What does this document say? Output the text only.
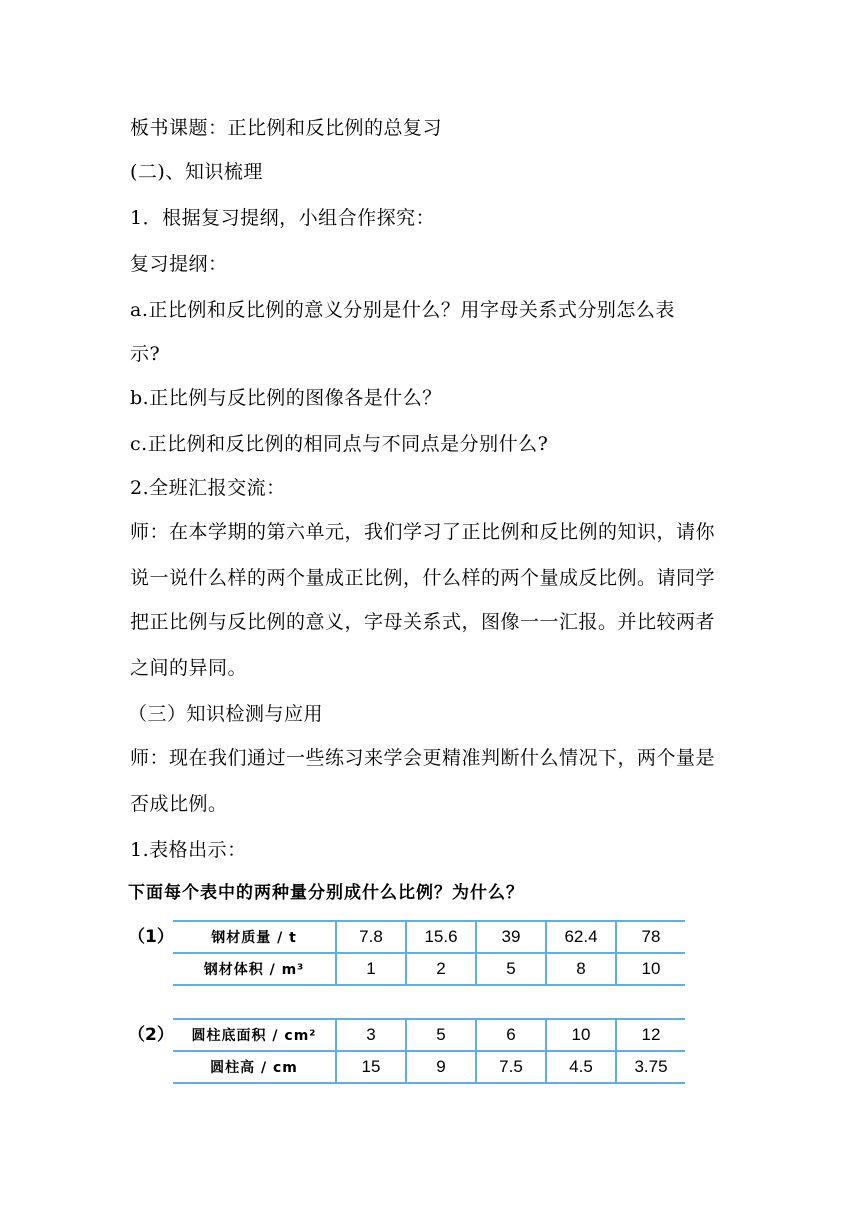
板书课题：正比例和反比例的总复习
(二)、知识梳理
1．根据复习提纲，小组合作探究：
复习提纲：
a.正比例和反比例的意义分别是什么？用字母关系式分别怎么表
示?
b.正比例与反比例的图像各是什么？
c.正比例和反比例的相同点与不同点是分别什么?
2.全班汇报交流：
师：在本学期的第六单元，我们学习了正比例和反比例的知识，请你
说一说什么样的两个量成正比例，什么样的两个量成反比例。请同学
把正比例与反比例的意义，字母关系式，图像一一汇报。并比较两者
之间的异同。
（三）知识检测与应用
师：现在我们通过一些练习来学会更精准判断什么情况下，两个量是
否成比例。
1.表格出示：
下面每个表中的两种量分别成什么比例？为什么？
（1）	钢材质量 / t	7.8	15.6	39	62.4	78
钢材体积 / m³	1	2	5	8	10
（2） 圆柱底面积 / cm²	3	5	6	10	12
圆柱高 / cm	15	9	7.5	4.5	3.75
